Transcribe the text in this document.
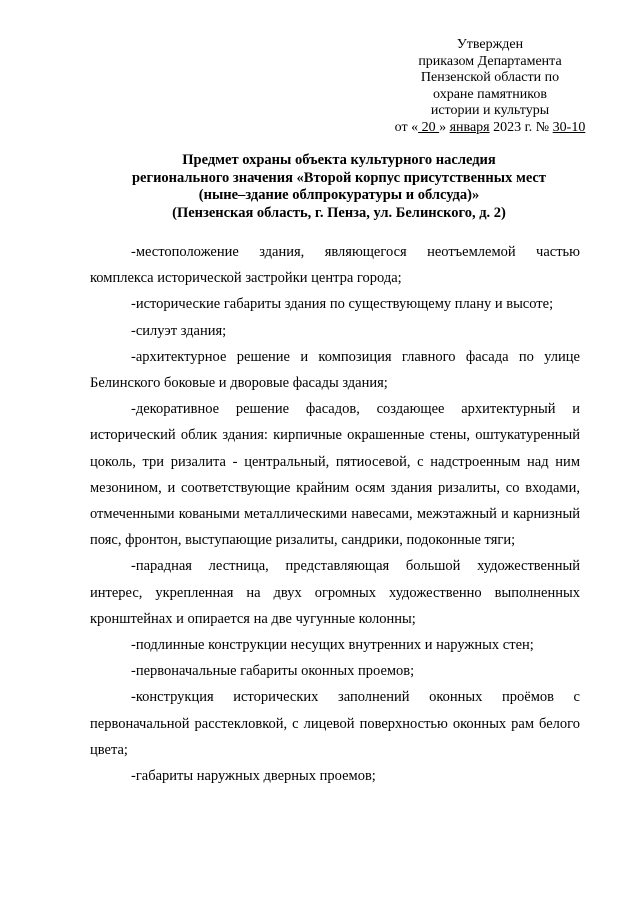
Утвержден
приказом Департамента
Пензенской области по
охране памятников
истории и культуры
от « 20 » января 2023 г. № 30-10
Предмет охраны объекта культурного наследия
регионального значения «Второй корпус присутственных мест
(ныне–здание облпрокуратуры и облсуда)»
(Пензенская область, г. Пенза, ул. Белинского, д. 2)

-местоположение здания, являющегося неотъемлемой частью комплекса исторической застройки центра города;

-исторические габариты здания по существующему плану и высоте;

-силуэт здания;

-архитектурное решение и композиция главного фасада по улице Белинского боковые и дворовые фасады здания;

-декоративное решение фасадов, создающее архитектурный и исторический облик здания: кирпичные окрашенные стены, оштукатуренный цоколь, три ризалита - центральный, пятиосевой, с надстроенным над ним мезонином, и соответствующие крайним осям здания ризалиты, со входами, отмеченными коваными металлическими навесами, межэтажный и карнизный пояс, фронтон, выступающие ризалиты, сандрики, подоконные тяги;

-парадная лестница, представляющая большой художественный интерес, укрепленная на двух огромных художественно выполненных кронштейнах и опирается на две чугунные колонны;

-подлинные конструкции несущих внутренних и наружных стен;

-первоначальные габариты оконных проемов;

-конструкция исторических заполнений оконных проёмов с первоначальной расстекловкой, с лицевой поверхностью оконных рам белого цвета;

-габариты наружных дверных проемов;
